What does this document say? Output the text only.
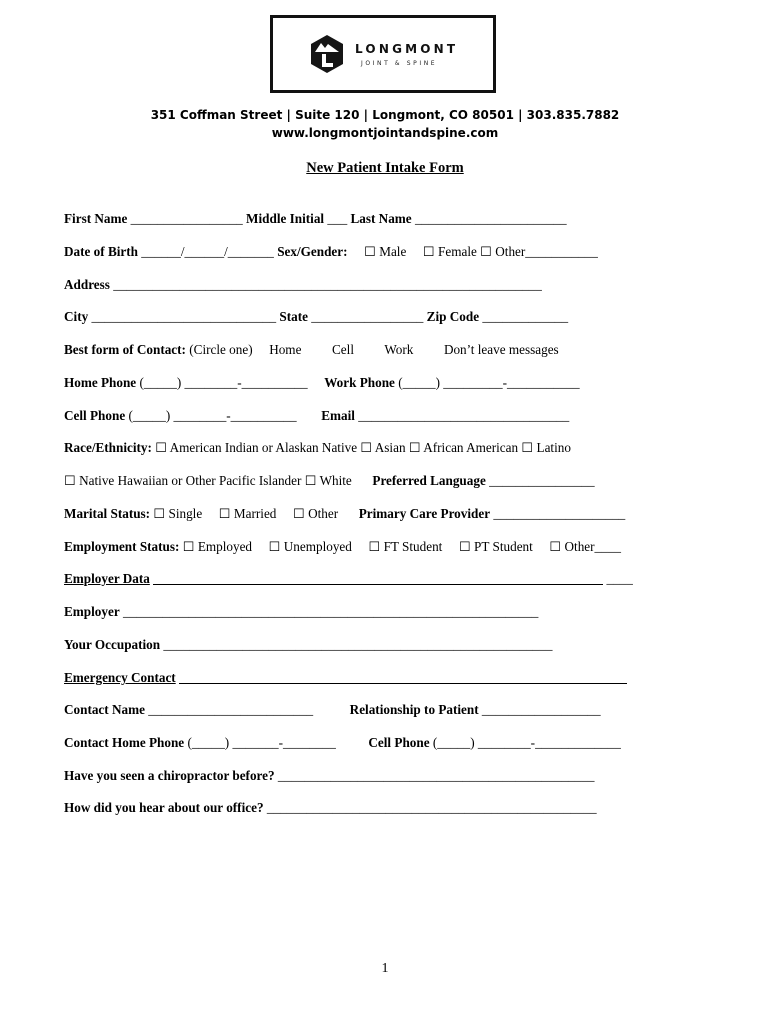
LONGMONT
JOINT & SPINE
351 Coffman Street | Suite 120 | Longmont, CO 80501 | 303.835.7882
www.longmontjointandspine.com
New Patient Intake Form
First Name _________________ Middle Initial ___ Last Name _______________________
Date of Birth ______/______/_______ Sex/Gender: ☐ Male ☐ Female ☐ Other___________
Address _________________________________________________________________
City ____________________________ State _________________ Zip Code _____________
Best form of Contact: (Circle one) Home Cell Work Don’t leave messages
Home Phone (_____) ________-__________ Work Phone (_____) _________-___________
Cell Phone (_____) ________-__________ Email ________________________________
Race/Ethnicity: ☐ American Indian or Alaskan Native ☐ Asian ☐ African American ☐ Latino
☐ Native Hawaiian or Other Pacific Islander ☐ White Preferred Language ________________
Marital Status: ☐ Single ☐ Married ☐ Other Primary Care Provider ____________________
Employment Status: ☐ Employed ☐ Unemployed ☐ FT Student ☐ PT Student ☐ Other____
Employer Data	____
Employer _______________________________________________________________
Your Occupation ___________________________________________________________
Emergency Contact
Contact Name _________________________	Relationship to Patient __________________
Contact Home Phone (_____) _______-________ Cell Phone (_____) ________-_____________
Have you seen a chiropractor before? ________________________________________________
How did you hear about our office? __________________________________________________
1
